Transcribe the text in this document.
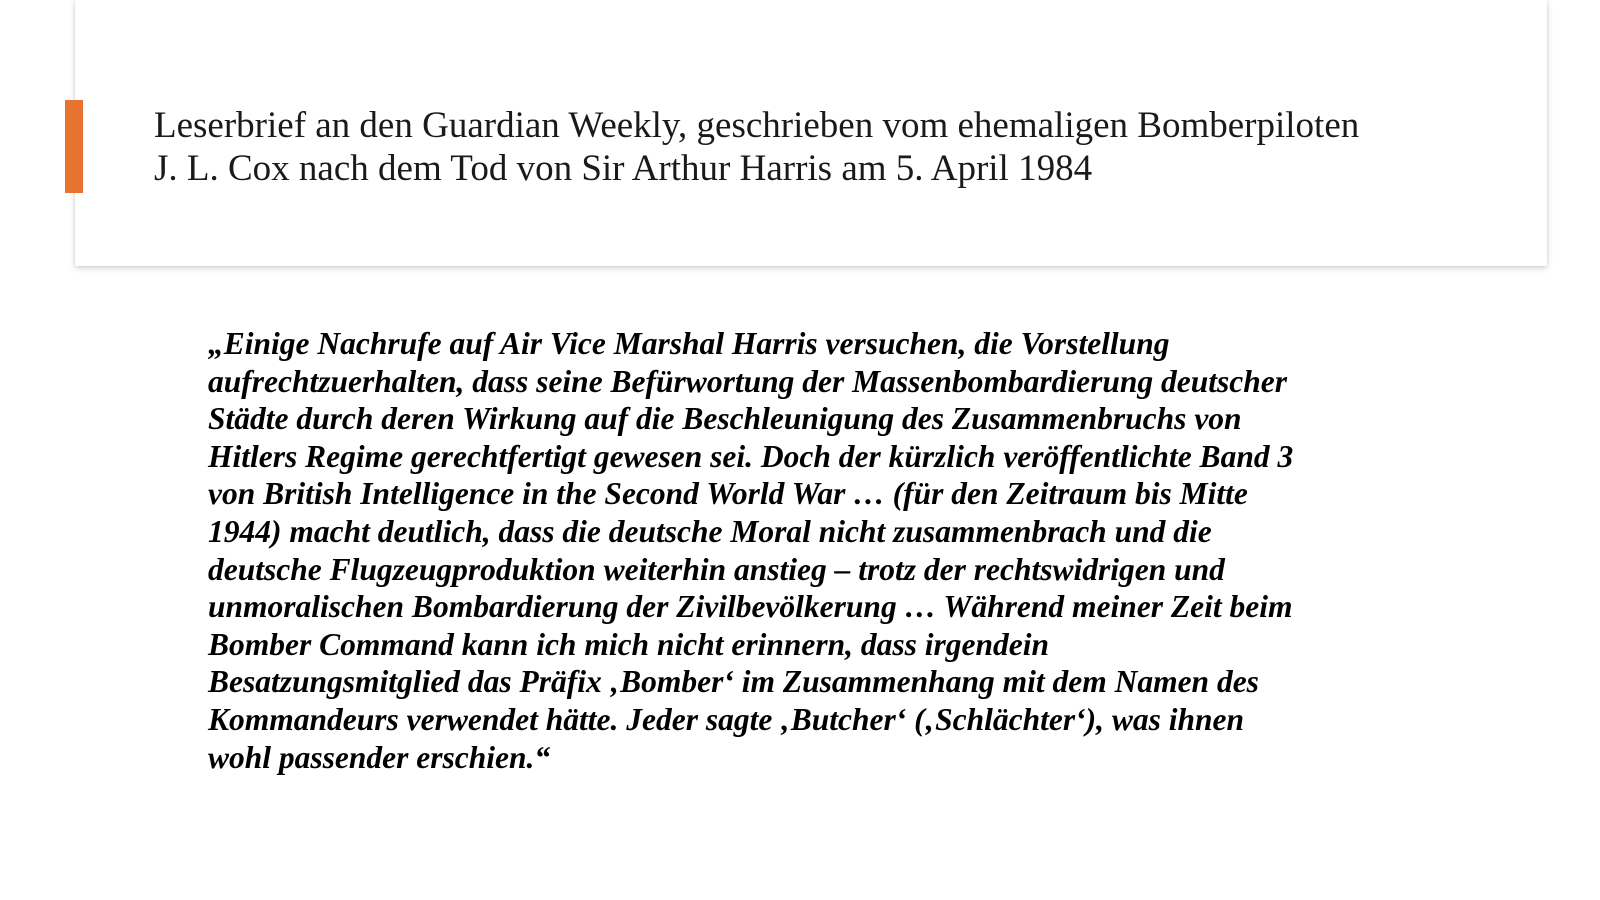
Leserbrief an den Guardian Weekly, geschrieben vom ehemaligen Bomberpiloten
J. L. Cox nach dem Tod von Sir Arthur Harris am 5. April 1984
„Einige Nachrufe auf Air Vice Marshal Harris versuchen, die Vorstellung
aufrechtzuerhalten, dass seine Befürwortung der Massenbombardierung deutscher
Städte durch deren Wirkung auf die Beschleunigung des Zusammenbruchs von
Hitlers Regime gerechtfertigt gewesen sei. Doch der kürzlich veröffentlichte Band 3
von British Intelligence in the Second World War … (für den Zeitraum bis Mitte
1944) macht deutlich, dass die deutsche Moral nicht zusammenbrach und die
deutsche Flugzeugproduktion weiterhin anstieg – trotz der rechtswidrigen und
unmoralischen Bombardierung der Zivilbevölkerung … Während meiner Zeit beim
Bomber Command kann ich mich nicht erinnern, dass irgendein
Besatzungsmitglied das Präfix ‚Bomber‘ im Zusammenhang mit dem Namen des
Kommandeurs verwendet hätte. Jeder sagte ‚Butcher‘ (‚Schlächter‘), was ihnen
wohl passender erschien.“
